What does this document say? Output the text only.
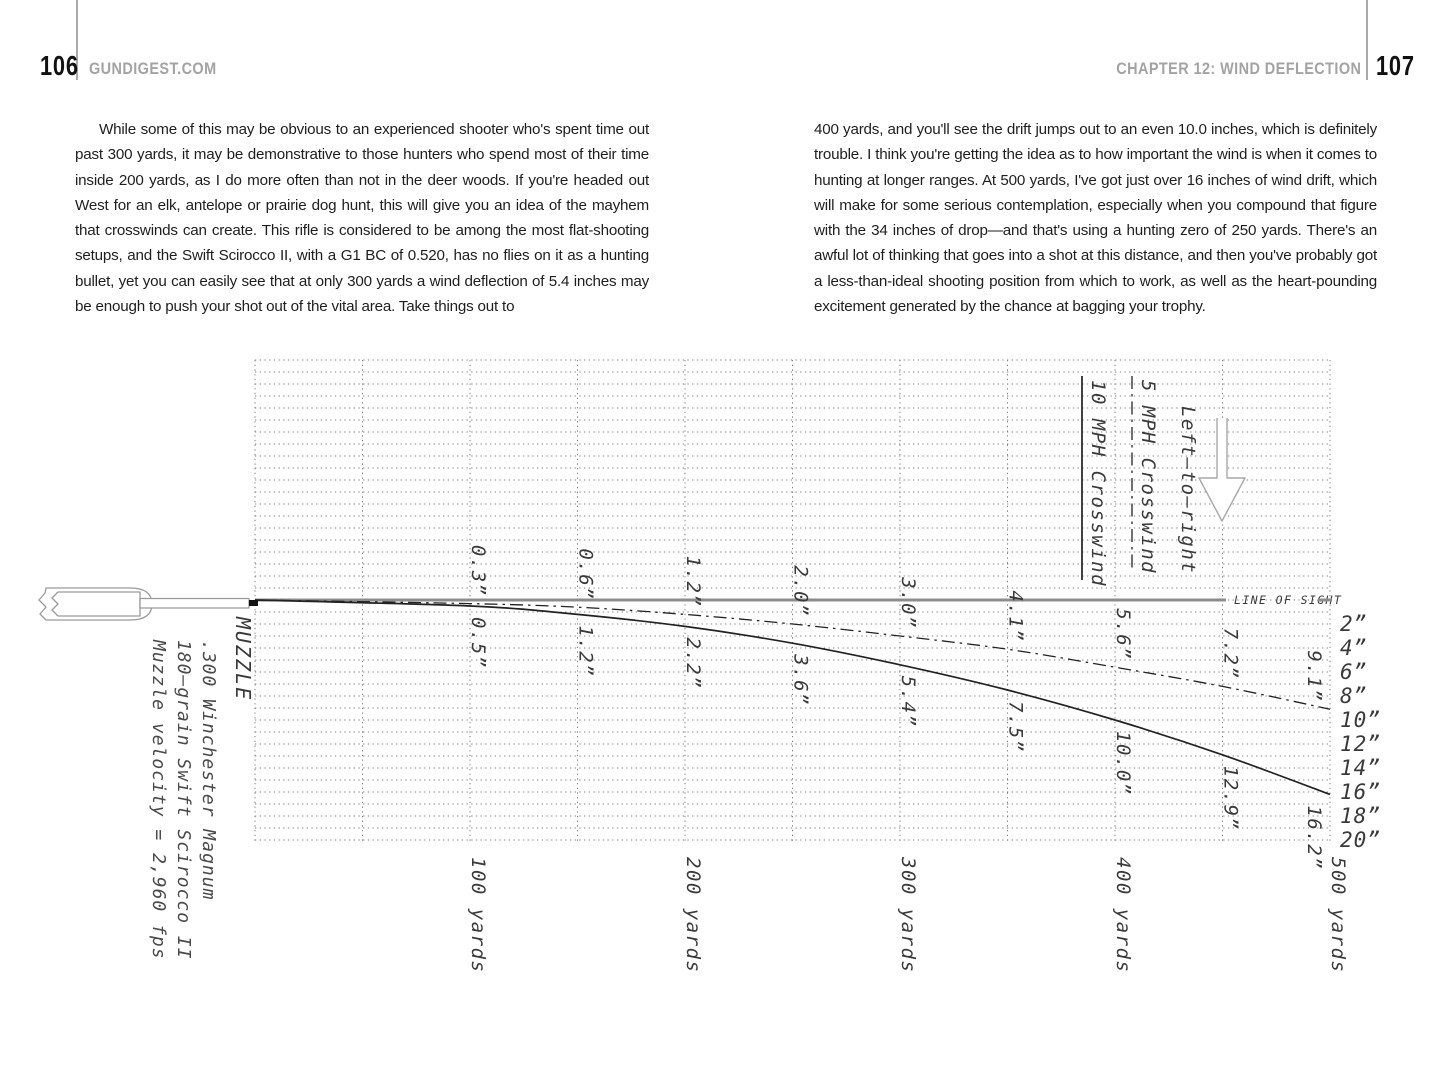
106 GUNDIGEST.COM	CHAPTER 12: WIND DEFLECTION 107

While some of this may be obvious to an experienced shooter who's spent time out past 300 yards, it may be demonstrative to those hunters who spend most of their time inside 200 yards, as I do more often than not in the deer woods. If you're headed out West for an elk, antelope or prairie dog hunt, this will give you an idea of the mayhem that crosswinds can create. This rifle is considered to be among the most flat-shooting setups, and the Swift Scirocco II, with a G1 BC of 0.520, has no flies on it as a hunting bullet, yet you can easily see that at only 300 yards a wind deflection of 5.4 inches may be enough to push your shot out of the vital area. Take things out to

400 yards, and you'll see the drift jumps out to an even 10.0 inches, which is definitely trouble. I think you're getting the idea as to how important the wind is when it comes to hunting at longer ranges. At 500 yards, I've got just over 16 inches of wind drift, which will make for some serious contemplation, especially when you compound that figure with the 34 inches of drop—and that's using a hunting zero of 250 yards. There's an awful lot of thinking that goes into a shot at this distance, and then you've probably got a less-than-ideal shooting position from which to work, as well as the heart-pounding excitement generated by the chance at bagging your trophy.

LINE OF SIGHT
0.3”
0.5”
0.6”
1.2”
1.2”
2.2”
2.0”
3.6”
3.0”
5.4”
4.1”
7.5”
5.6”
10.0”
7.2”
12.9”
9.1”
16.2”
2”
4”
6”
8”
10”
12”
14”
16”
18”
20”
100 yards	200 yards	300 yards	400 yards	500 yards
MUZZLE
10 MPH Crosswind 5 MPH Crosswind Left–to–right
.300 Winchester Magnum
180–grain Swift Scirocco II
Muzzle velocity = 2,960 fps
